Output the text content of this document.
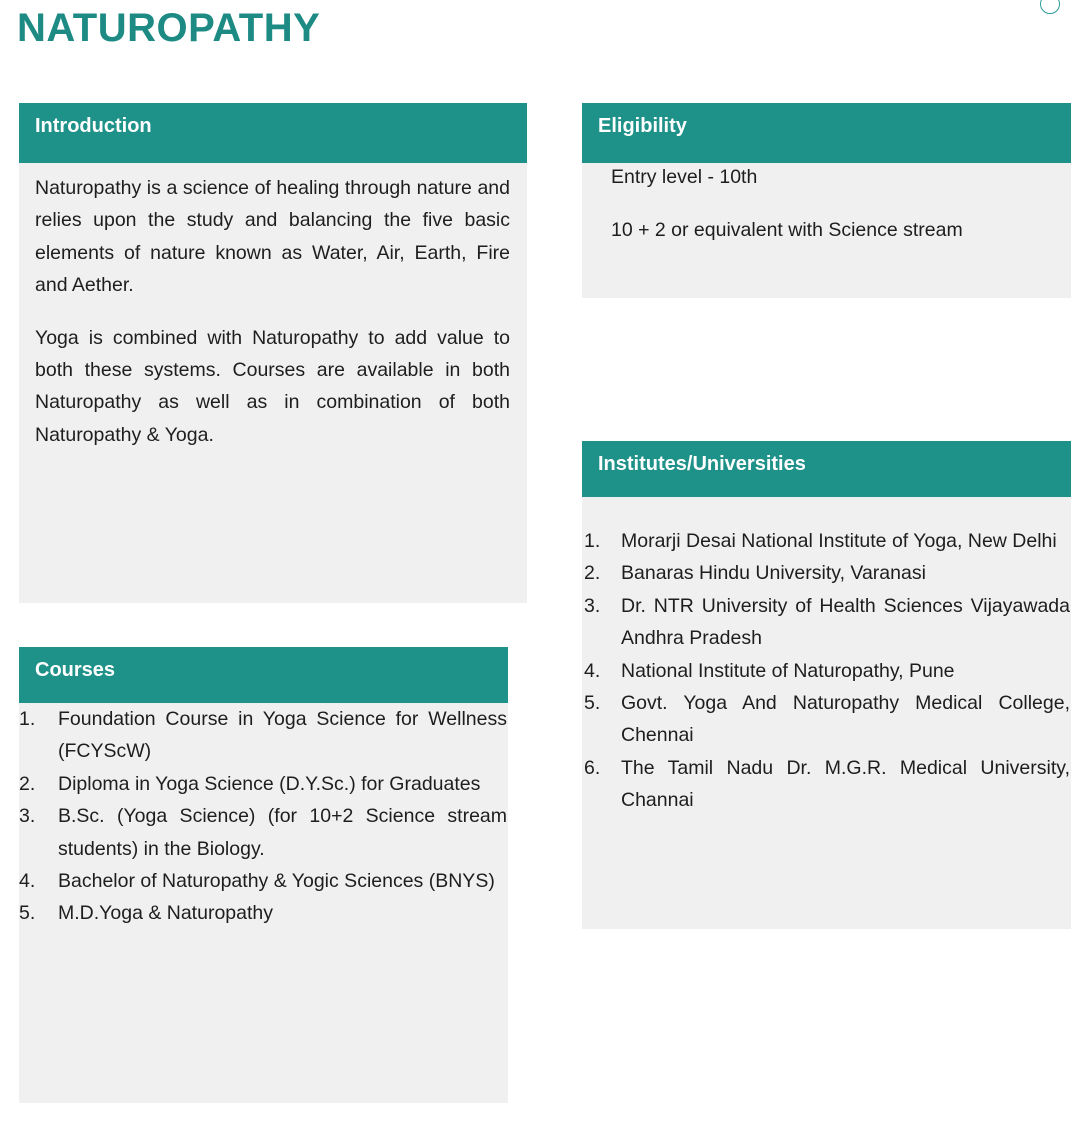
NATUROPATHY
Introduction

Naturopathy is a science of healing through nature and relies upon the study and balancing the five basic elements of nature known as Water, Air, Earth, Fire and Aether.

Yoga is combined with Naturopathy to add value to both these systems. Courses are available in both Naturopathy as well as in combination of both Naturopathy & Yoga.

Eligibility

Entry level - 10th

10 + 2 or equivalent with Science stream

Courses
1. Foundation Course in Yoga Science for Wellness (FCYScW)
2. Diploma in Yoga Science (D.Y.Sc.) for Graduates
3. B.Sc. (Yoga Science) (for 10+2 Science stream students) in the Biology.
4. Bachelor of Naturopathy & Yogic Sciences (BNYS)
5. M.D.Yoga & Naturopathy
Institutes/Universities
1. Morarji Desai National Institute of Yoga, New Delhi
2. Banaras Hindu University, Varanasi
3. Dr. NTR University of Health Sciences Vijayawada Andhra Pradesh
4. National Institute of Naturopathy, Pune
5. Govt. Yoga And Naturopathy Medical College, Chennai
6. The Tamil Nadu Dr. M.G.R. Medical University, Channai
